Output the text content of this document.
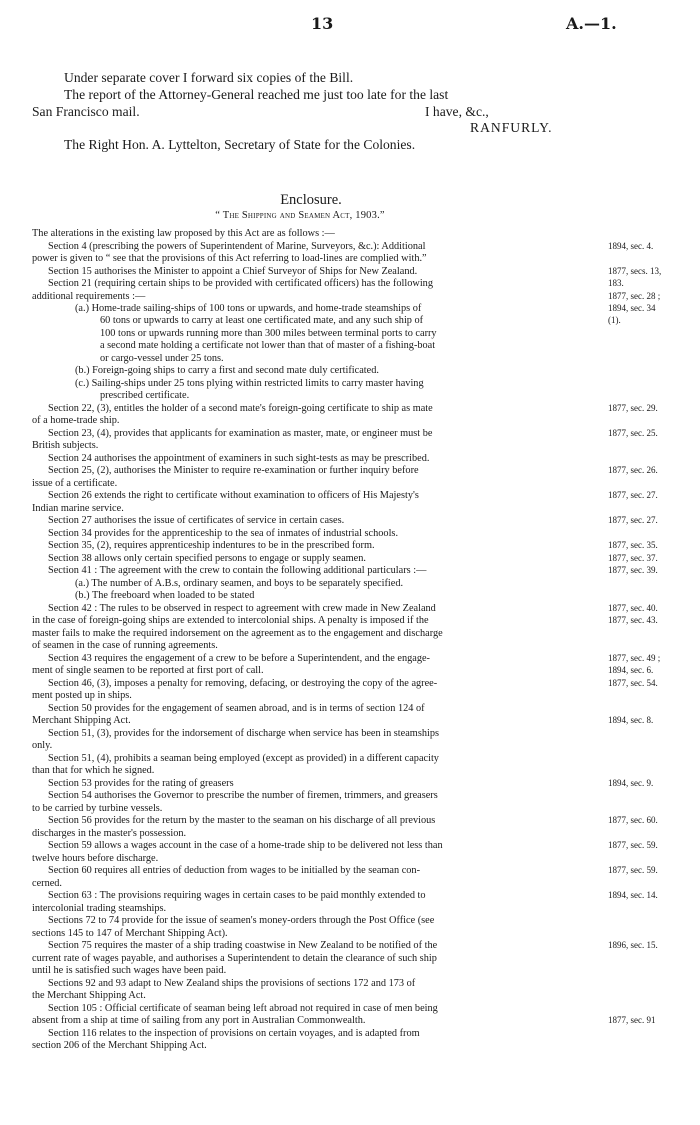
13	A.—1.
Under separate cover I forward six copies of the Bill.
The report of the Attorney-General reached me just too late for the last
San Francisco mail.	I have, &c.,
RANFURLY.
The Right Hon. A. Lyttelton, Secretary of State for the Colonies.
Enclosure.
“ The Shipping and Seamen Act, 1903.”
The alterations in the existing law proposed by this Act are as follows :—
Section 4 (prescribing the powers of Superintendent of Marine, Surveyors, &c.): Additional
power is given to “ see that the provisions of this Act referring to load-lines are complied with.”
Section 15 authorises the Minister to appoint a Chief Surveyor of Ships for New Zealand.
Section 21 (requiring certain ships to be provided with certificated officers) has the following
additional requirements :—
(a.) Home-trade sailing-ships of 100 tons or upwards, and home-trade steamships of
60 tons or upwards to carry at least one certificated mate, and any such ship of
100 tons or upwards running more than 300 miles between terminal ports to carry
a second mate holding a certificate not lower than that of master of a fishing-boat
or cargo-vessel under 25 tons.
(b.) Foreign-going ships to carry a first and second mate duly certificated.
(c.) Sailing-ships under 25 tons plying within restricted limits to carry master having
prescribed certificate.
Section 22, (3), entitles the holder of a second mate's foreign-going certificate to ship as mate
of a home-trade ship.
Section 23, (4), provides that applicants for examination as master, mate, or engineer must be
British subjects.
Section 24 authorises the appointment of examiners in such sight-tests as may be prescribed.
Section 25, (2), authorises the Minister to require re-examination or further inquiry before
issue of a certificate.
Section 26 extends the right to certificate without examination to officers of His Majesty's
Indian marine service.
Section 27 authorises the issue of certificates of service in certain cases.
Section 34 provides for the apprenticeship to the sea of inmates of industrial schools.
Section 35, (2), requires apprenticeship indentures to be in the prescribed form.
Section 38 allows only certain specified persons to engage or supply seamen.
Section 41 : The agreement with the crew to contain the following additional particulars :—
(a.) The number of A.B.s, ordinary seamen, and boys to be separately specified.
(b.) The freeboard when loaded to be stated
Section 42 : The rules to be observed in respect to agreement with crew made in New Zealand
in the case of foreign-going ships are extended to intercolonial ships. A penalty is imposed if the
master fails to make the required indorsement on the agreement as to the engagement and discharge
of seamen in the case of running agreements.
Section 43 requires the engagement of a crew to be before a Superintendent, and the engage-
ment of single seamen to be reported at first port of call.
Section 46, (3), imposes a penalty for removing, defacing, or destroying the copy of the agree-
ment posted up in ships.
Section 50 provides for the engagement of seamen abroad, and is in terms of section 124 of
Merchant Shipping Act.
Section 51, (3), provides for the indorsement of discharge when service has been in steamships
only.
Section 51, (4), prohibits a seaman being employed (except as provided) in a different capacity
than that for which he signed.
Section 53 provides for the rating of greasers
Section 54 authorises the Governor to prescribe the number of firemen, trimmers, and greasers
to be carried by turbine vessels.
Section 56 provides for the return by the master to the seaman on his discharge of all previous
discharges in the master's possession.
Section 59 allows a wages account in the case of a home-trade ship to be delivered not less than
twelve hours before discharge.
Section 60 requires all entries of deduction from wages to be initialled by the seaman con-
cerned.
Section 63 : The provisions requiring wages in certain cases to be paid monthly extended to
intercolonial trading steamships.
Sections 72 to 74 provide for the issue of seamen's money-orders through the Post Office (see
sections 145 to 147 of Merchant Shipping Act).
Section 75 requires the master of a ship trading coastwise in New Zealand to be notified of the
current rate of wages payable, and authorises a Superintendent to detain the clearance of such ship
until he is satisfied such wages have been paid.
Sections 92 and 93 adapt to New Zealand ships the provisions of sections 172 and 173 of
the Merchant Shipping Act.
Section 105 : Official certificate of seaman being left abroad not required in case of men being
absent from a ship at time of sailing from any port in Australian Commonwealth.
Section 116 relates to the inspection of provisions on certain voyages, and is adapted from
section 206 of the Merchant Shipping Act.
1894, sec. 4.
1877, secs. 13,
183.
1877, sec. 28 ;
1894, sec. 34
(1).
1877, sec. 29.
1877, sec. 25.
1877, sec. 26.
1877, sec. 27.
1877, sec. 27.
1877, sec. 35.
1877, sec. 37.
1877, sec. 39.
1877, sec. 40.
1877, sec. 43.
1877, sec. 49 ;
1894, sec. 6.
1877, sec. 54.
1894, sec. 8.
1894, sec. 9.
1877, sec. 60.
1877, sec. 59.
1877, sec. 59.
1894, sec. 14.
1896, sec. 15.
1877, sec. 91
